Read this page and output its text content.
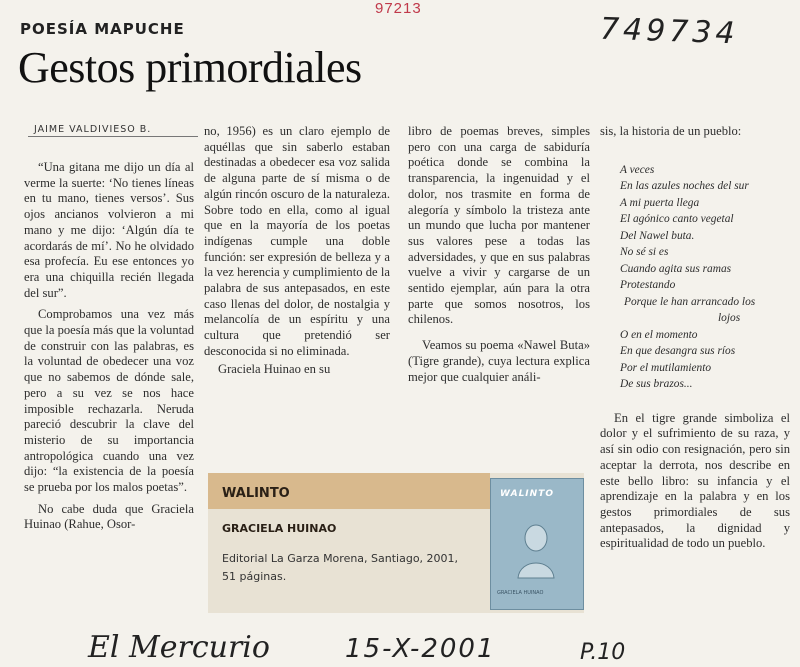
97213
749734
POESÍA MAPUCHE
Gestos primordiales
JAIME VALDIVIESO B.

“Una gitana me dijo un día al verme la suerte: ‘No tienes líneas en tu mano, tienes versos’. Sus ojos ancianos volvieron a mi mano y me dijo: ‘Algún día te acordarás de mí’. No he olvidado esa profecía. Eu ese entonces yo era una chiquilla recién llegada del sur”.

Comprobamos una vez más que la poesía más que la voluntad de construir con las palabras, es la voluntad de obedecer una voz que no sabemos de dónde sale, pero a su vez se nos hace imposible rechazarla. Neruda pareció descubrir la clave del misterio de su importancia antropológica cuando una vez dijo: “la existencia de la poesía se prueba por los malos poetas”.

No cabe duda que Graciela Huinao (Rahue, Osor-

no, 1956) es un claro ejemplo de aquéllas que sin saberlo estaban destinadas a obedecer esa voz salida de alguna parte de sí misma o de algún rincón oscuro de la naturaleza. Sobre todo en ella, como al igual que en la mayoría de los poetas indígenas cumple una doble función: ser expresión de belleza y a la vez herencia y cumplimiento de la palabra de sus antepasados, en este caso llenas del dolor, de nostalgia y melancolía de un espíritu y una cultura que pretendió ser desconocida si no eliminada.

Graciela Huinao en su

libro de poemas breves, simples pero con una carga de sabiduría poética donde se combina la transparencia, la ingenuidad y el dolor, nos trasmite en forma de alegoría y símbolo la tristeza ante un mundo que lucha por mantener sus valores pese a todas las adversidades, y que en sus palabras vuelve a vivir y cargarse de un sentido ejemplar, aún para la otra parte que somos nosotros, los chilenos.

Veamos su poema «Nawel Buta» (Tigre grande), cuya lectura explica mejor que cualquier análi-

sis, la historia de un pueblo:

A veces
En las azules noches del sur
A mi puerta llega
El agónico canto vegetal
Del Nawel buta.
No sé si es
Cuando agita sus ramas
Protestando
Porque le han arrancado los
lojos
O en el momento
En que desangra sus ríos
Por el mutilamiento
De sus brazos...

En el tigre grande simboliza el dolor y el sufrimiento de su raza, y así sin odio con resignación, pero sin aceptar la derrota, nos describe en este bello libro: su infancia y el aprendizaje en la palabra y en los gestos primordiales de sus antepasados, la dignidad y espiritualidad de todo un pueblo.

WALINTO
GRACIELA HUINAO
Editorial La Garza Morena, Santiago, 2001,
51 páginas.
WALINTO
GRACIELA HUINAO
El Mercurio	15-X-2001	P.10
